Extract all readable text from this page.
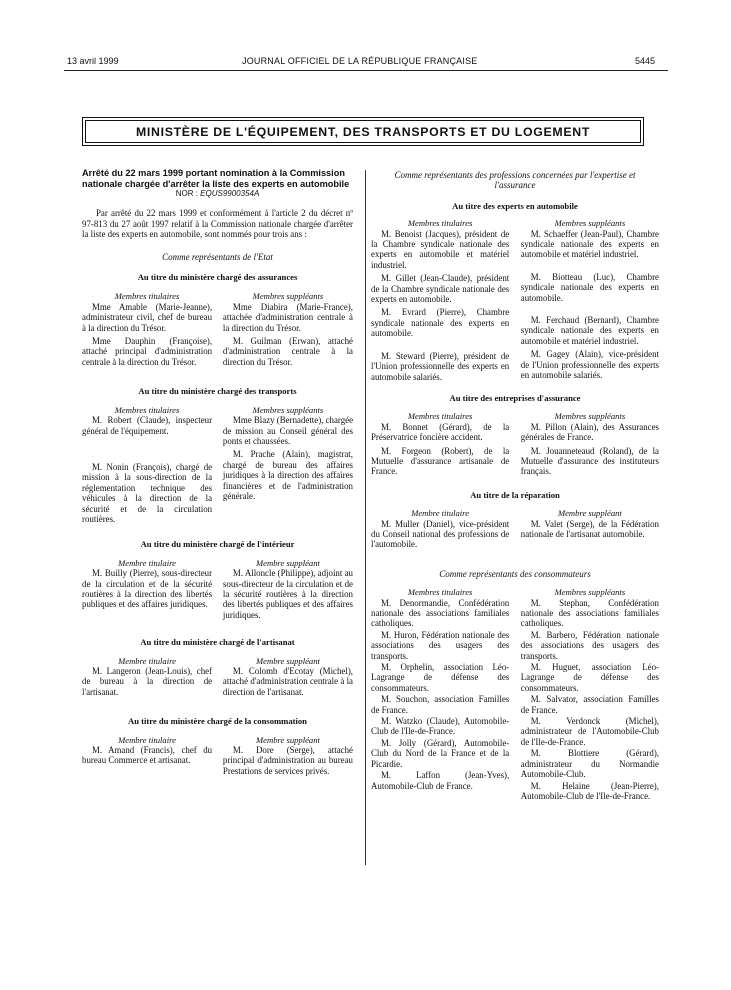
13 avril 1999	JOURNAL OFFICIEL DE LA RÉPUBLIQUE FRANÇAISE	5445
MINISTÈRE DE L'ÉQUIPEMENT, DES TRANSPORTS ET DU LOGEMENT

Arrêté du 22 mars 1999 portant nomination à la Commission nationale chargée d'arrêter la liste des experts en automobile

NOR : EQUS9900354A

Par arrêté du 22 mars 1999 et conformément à l'article 2 du décret nº 97-813 du 27 août 1997 relatif à la Commission nationale chargée d'arrêter la liste des experts en automobile, sont nommés pour trois ans :

Comme représentants de l'Etat

Au titre du ministère chargé des assurances

Membres titulaires

Mme Amable (Marie-Jeanne), administrateur civil, chef de bureau à la direction du Trésor.

Mme Dauphin (Françoise), attaché principal d'administration centrale à la direction du Trésor.

Membres suppléants

Mme Diabira (Marie-France), attachée d'administration centrale à la direction du Trésor.

M. Guilman (Erwan), attaché d'administration centrale à la direction du Trésor.

Au titre du ministère chargé des transports

Membres titulaires

M. Robert (Claude), inspecteur général de l'équipement.

M. Nonin (François), chargé de mission à la sous-direction de la réglementation technique des véhicules à la direction de la sécurité et de la circulation routières.

Membres suppléants

Mme Blazy (Bernadette), chargée de mission au Conseil général des ponts et chaussées.

M. Prache (Alain), magistrat, chargé de bureau des affaires juridiques à la direction des affaires financières et de l'administration générale.

Au titre du ministère chargé de l'intérieur

Membre titulaire

M. Builly (Pierre), sous-directeur de la circulation et de la sécurité routières à la direction des libertés publiques et des affaires juridiques.

Membre suppléant

M. Alloncle (Philippe), adjoint au sous-directeur de la circulation et de la sécurité routières à la direction des libertés publiques et des affaires juridiques.

Au titre du ministère chargé de l'artisanat

Membre titulaire

M. Langeron (Jean-Louis), chef de bureau à la direction de l'artisanat.

Membre suppléant

M. Colomb d'Ecotay (Michel), attaché d'administration centrale à la direction de l'artisanat.

Au titre du ministère chargé de la consommation

Membre titulaire

M. Amand (Francis), chef du bureau Commerce et artisanat.

Membre suppléant

M. Dore (Serge), attaché principal d'administration au bureau Prestations de services privés.

Comme représentants des professions concernées par l'expertise et l'assurance

Au titre des experts en automobile

Membres titulaires

M. Benoist (Jacques), président de la Chambre syndicale nationale des experts en automobile et matériel industriel.

M. Gillet (Jean-Claude), président de la Chambre syndicale nationale des experts en automobile.

M. Evrard (Pierre), Chambre syndicale nationale des experts en automobile.

M. Steward (Pierre), président de l'Union professionnelle des experts en automobile salariés.

Membres suppléants

M. Schaeffer (Jean-Paul), Chambre syndicale nationale des experts en automobile et matériel industriel.

M. Biotteau (Luc), Chambre syndicale nationale des experts en automobile.

M. Ferchaud (Bernard), Chambre syndicale nationale des experts en automobile et matériel industriel.

M. Gagey (Alain), vice-président de l'Union professionnelle des experts en automobile salariés.

Au titre des entreprises d'assurance

Membres titulaires

M. Bonnet (Gérard), de la Préservatrice foncière accident.

M. Forgeon (Robert), de la Mutuelle d'assurance artisanale de France.

Membres suppléants

M. Pillon (Alain), des Assurances générales de France.

M. Jouanneteaud (Roland), de la Mutuelle d'assurance des instituteurs français.

Au titre de la réparation

Membre titulaire

M. Muller (Daniel), vice-président du Conseil national des professions de l'automobile.

Membre suppléant

M. Valet (Serge), de la Fédération nationale de l'artisanat automobile.

Comme représentants des consommateurs

Membres titulaires

M. Denormandie, Confédération nationale des associations familiales catholiques.

M. Huron, Fédération nationale des associations des usagers des transports.

M. Orphelin, association Léo-Lagrange de défense des consommateurs.

M. Souchon, association Familles de France.

M. Watzko (Claude), Automobile-Club de l'Ile-de-France.

M. Jolly (Gérard), Automobile-Club du Nord de la France et de la Picardie.

M. Laffon (Jean-Yves), Automobile-Club de France.

Membres suppléants

M. Stephan, Confédération nationale des associations familiales catholiques.

M. Barbero, Fédération nationale des associations des usagers des transports.

M. Huguet, association Léo-Lagrange de défense des consommateurs.

M. Salvator, association Familles de France.

M. Verdonck (Michel), administrateur de l'Automobile-Club de l'Ile-de-France.

M. Blottiere (Gérard), administrateur du Normandie Automobile-Club.

M. Helaine (Jean-Pierre), Automobile-Club de l'Ile-de-France.
